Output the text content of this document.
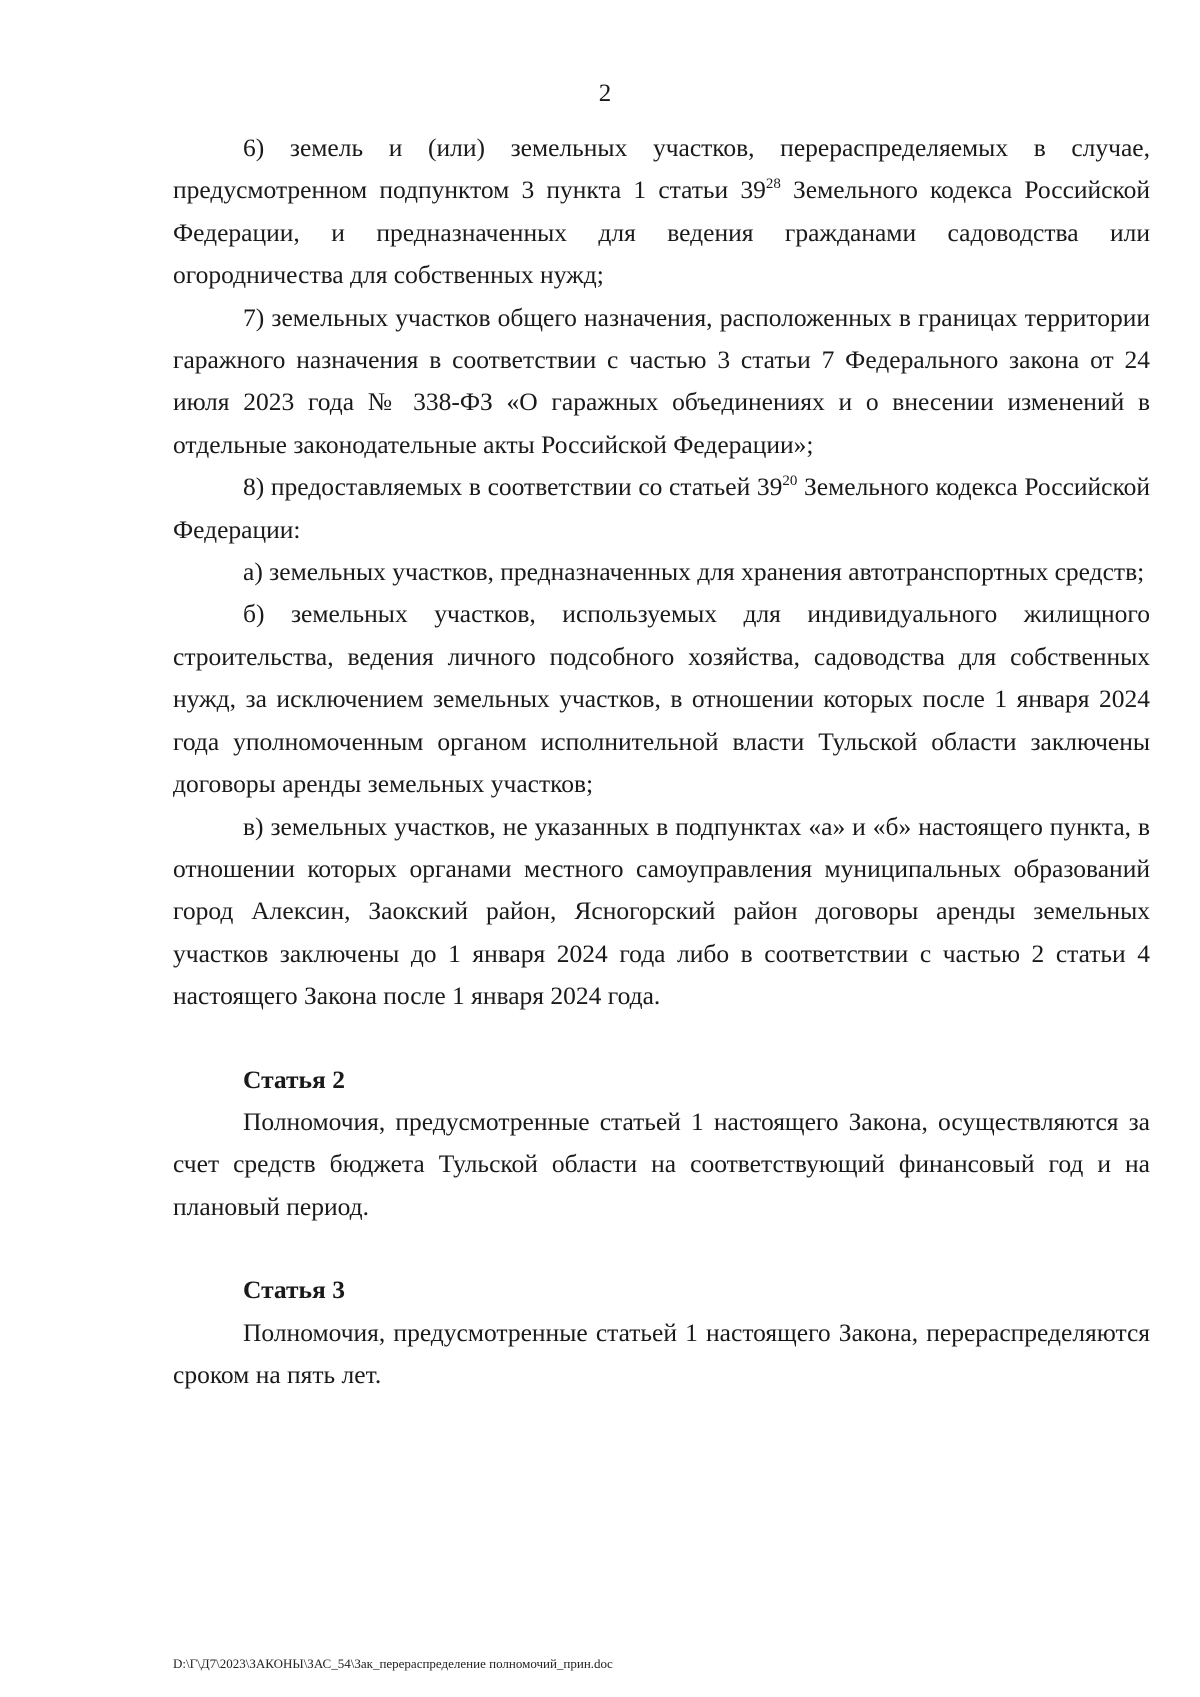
2

6) земель и (или) земельных участков, перераспределяемых в случае, предусмотренном подпунктом 3 пункта 1 статьи $39^{28}$ Земельного кодекса Российской Федерации, и предназначенных для ведения гражданами садоводства или огородничества для собственных нужд;

7) земельных участков общего назначения, расположенных в границах территории гаражного назначения в соответствии с частью 3 статьи 7 Федерального закона от 24 июля 2023 года № 338-ФЗ «О гаражных объединениях и о внесении изменений в отдельные законодательные акты Российской Федерации»;

8) предоставляемых в соответствии со статьей $39^{20}$ Земельного кодекса Российской Федерации:

а) земельных участков, предназначенных для хранения автотранспортных средств;

б) земельных участков, используемых для индивидуального жилищного строительства, ведения личного подсобного хозяйства, садоводства для собственных нужд, за исключением земельных участков, в отношении которых после 1 января 2024 года уполномоченным органом исполнительной власти Тульской области заключены договоры аренды земельных участков;

в) земельных участков, не указанных в подпунктах «а» и «б» настоящего пункта, в отношении которых органами местного самоуправления муниципальных образований город Алексин, Заокский район, Ясногорский район договоры аренды земельных участков заключены до 1 января 2024 года либо в соответствии с частью 2 статьи 4 настоящего Закона после 1 января 2024 года.

Статья 2

Полномочия, предусмотренные статьей 1 настоящего Закона, осуществляются за счет средств бюджета Тульской области на соответствующий финансовый год и на плановый период.

Статья 3

Полномочия, предусмотренные статьей 1 настоящего Закона, перераспределяются сроком на пять лет.

D:\Г\Д7\2023\ЗАКОНЫ\ЗАС_54\Зак_перераспределение полномочий_прин.doc
